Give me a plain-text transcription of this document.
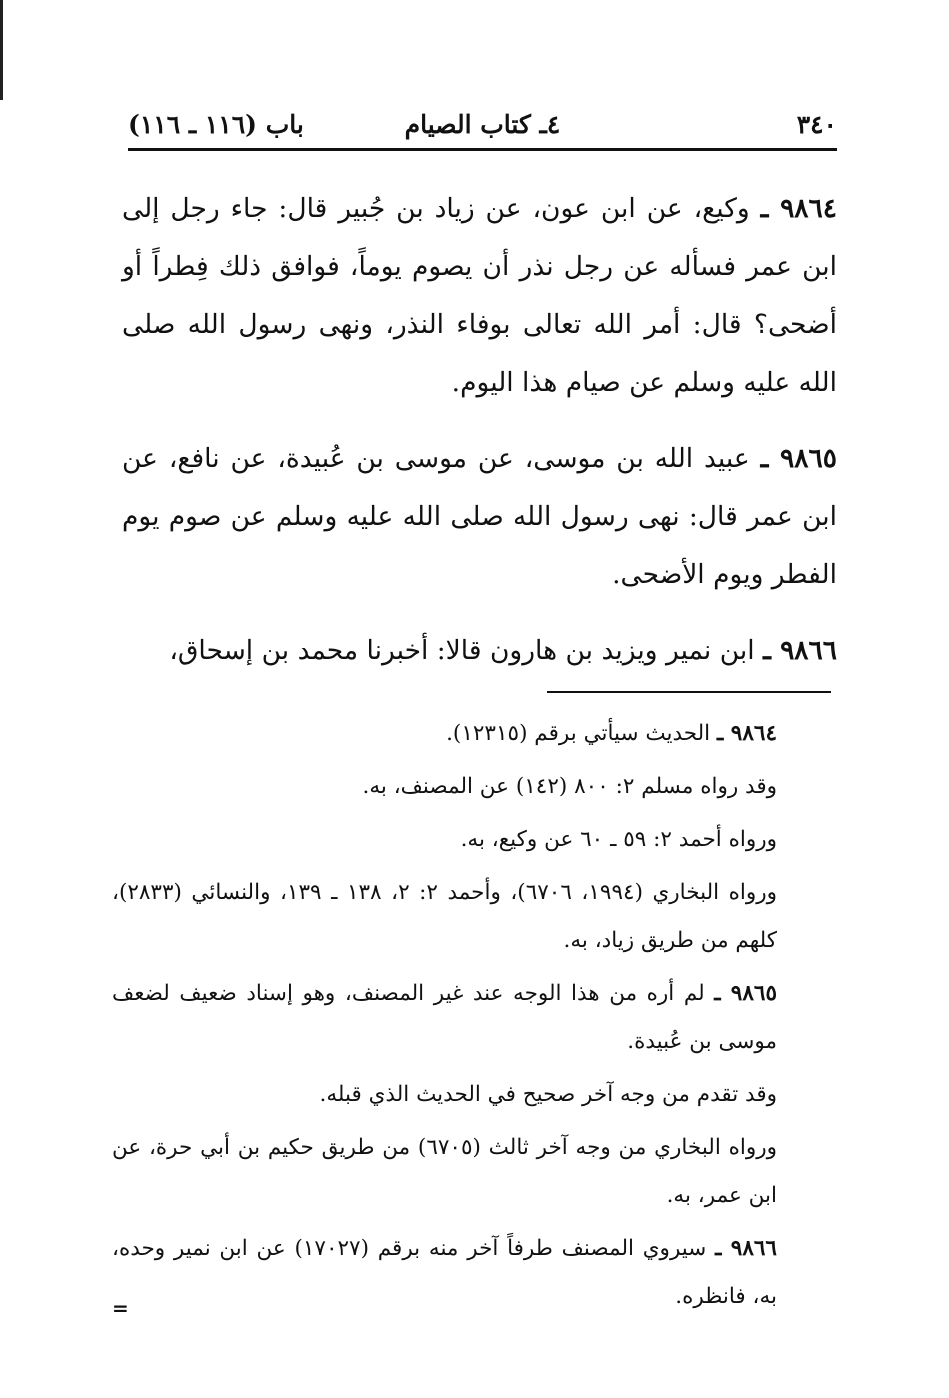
٣٤٠
٤ـ كتاب الصيام
باب (١١٦ ـ ١١٦)

٩٨٦٤ ـ وكيع، عن ابن عون، عن زياد بن جُبير قال: جاء رجل إلى ابن عمر فسأله عن رجل نذر أن يصوم يوماً، فوافق ذلك فِطراً أو أضحى؟ قال: أمر الله تعالى بوفاء النذر، ونهى رسول الله صلى الله عليه وسلم عن صيام هذا اليوم.

٩٨٦٥ ـ عبيد الله بن موسى، عن موسى بن عُبيدة، عن نافع، عن ابن عمر قال: نهى رسول الله صلى الله عليه وسلم عن صوم يوم الفطر ويوم الأضحى.

٩٨٦٦ ـ ابن نمير ويزيد بن هارون قالا: أخبرنا محمد بن إسحاق،

٩٨٦٤ ـ الحديث سيأتي برقم (١٢٣١٥).

وقد رواه مسلم ٢: ٨٠٠ (١٤٢) عن المصنف، به.

ورواه أحمد ٢: ٥٩ ـ ٦٠ عن وكيع، به.

ورواه البخاري (١٩٩٤، ٦٧٠٦)، وأحمد ٢: ٢، ١٣٨ ـ ١٣٩، والنسائي (٢٨٣٣)، كلهم من طريق زياد، به.

٩٨٦٥ ـ لم أره من هذا الوجه عند غير المصنف، وهو إسناد ضعيف لضعف موسى بن عُبيدة.

وقد تقدم من وجه آخر صحيح في الحديث الذي قبله.

ورواه البخاري من وجه آخر ثالث (٦٧٠٥) من طريق حكيم بن أبي حرة، عن ابن عمر، به.

٩٨٦٦ ـ سيروي المصنف طرفاً آخر منه برقم (١٧٠٢٧) عن ابن نمير وحده، به، فانظره.

=
